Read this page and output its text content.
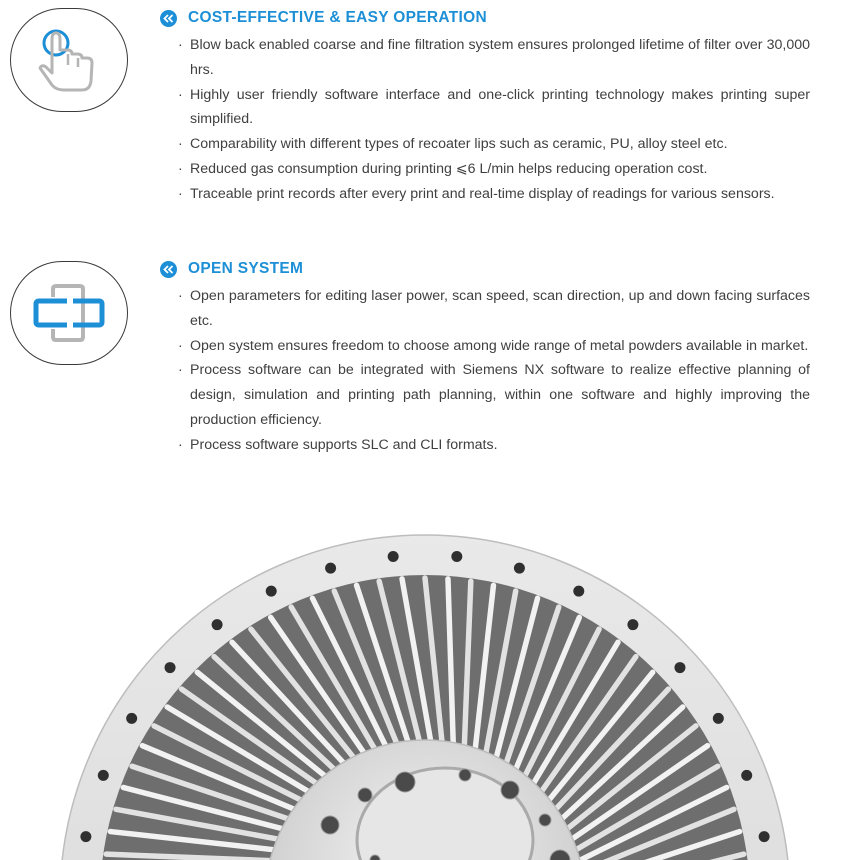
COST-EFFECTIVE & EASY OPERATION
· Blow back enabled coarse and fine filtration system ensures prolonged lifetime of filter over 30,000 hrs.
· Highly user friendly software interface and one-click printing technology makes printing super simplified.
· Comparability with different types of recoater lips such as ceramic, PU, alloy steel etc.
· Reduced gas consumption during printing ⩽6 L/min helps reducing operation cost.
· Traceable print records after every print and real-time display of readings for various sensors.
OPEN SYSTEM
· Open parameters for editing laser power, scan speed, scan direction, up and down facing surfaces etc.
· Open system ensures freedom to choose among wide range of metal powders available in market.
· Process software can be integrated with Siemens NX software to realize effective planning of design, simulation and printing path planning, within one software and highly improving the production efficiency.
· Process software supports SLC and CLI formats.
